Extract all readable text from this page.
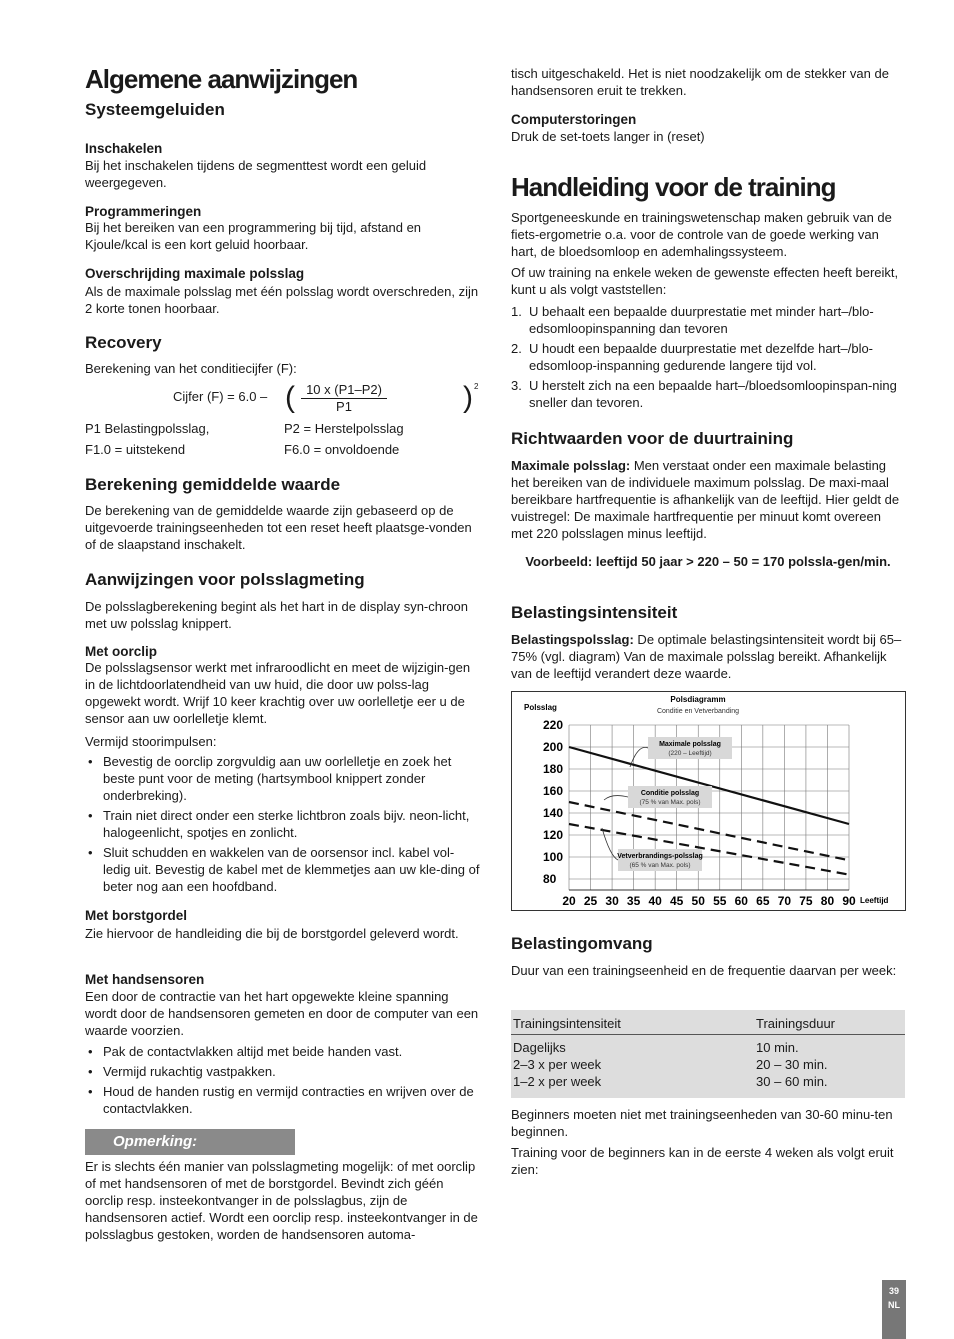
Algemene aanwijzingen
Systeemgeluiden
Inschakelen

Bij het inschakelen tijdens de segmenttest wordt een geluid weergegeven.

Programmeringen

Bij het bereiken van een programmering bij tijd, afstand en Kjoule/kcal is een kort geluid hoorbaar.

Overschrijding maximale polsslag

Als de maximale polsslag met één polsslag wordt overschreden, zijn 2 korte tonen hoorbaar.

Recovery

Berekening van het conditiecijfer (F):

Cijfer (F) = 6.0 – ( $\frac{10 x (P1-P2)}{P1}$	) 2

P1 Belastingpolsslag,	P2 = Herstelpolsslag

F1.0 = uitstekend	F6.0 = onvoldoende

Berekening gemiddelde waarde

De berekening van de gemiddelde waarde zijn gebaseerd op de uitgevoerde trainingseenheden tot een reset heeft plaatsge-vonden of de slaapstand inschakelt.

Aanwijzingen voor polsslagmeting

De polsslagberekening begint als het hart in de display syn-chroon met uw polsslag knippert.

Met oorclip

De polsslagsensor werkt met infraroodlicht en meet de wijzigin-gen in de lichtdoorlatendheid van uw huid, die door uw polss-lag opgewekt wordt. Wrijf 10 keer krachtig over uw oorlelletje eer u de sensor aan uw oorlelletje klemt.

Vermijd stoorimpulsen:

• Bevestig de oorclip zorgvuldig aan uw oorlelletje en zoek het beste punt voor de meting (hartsymbool knippert zonder onderbreking).
• Train niet direct onder een sterke lichtbron zoals bijv. neon-licht, halogeenlicht, spotjes en zonlicht.
• Sluit schudden en wakkelen van de oorsensor incl. kabel vol-ledig uit. Bevestig de kabel met de klemmetjes aan uw kle-ding of beter nog aan een hoofdband.
Met borstgordel

Zie hiervoor de handleiding die bij de borstgordel geleverd wordt.

Met handsensoren

Een door de contractie van het hart opgewekte kleine spanning wordt door de handsensoren gemeten en door de computer van een waarde voorzien.

• Pak de contactvlakken altijd met beide handen vast.
• Vermijd rukachtig vastpakken.
• Houd de handen rustig en vermijd contracties en wrijven over de contactvlakken.
Opmerking:

Er is slechts één manier van polsslagmeting mogelijk: of met oorclip of met handsensoren of met de borstgordel. Bevindt zich géén oorclip resp. insteekontvanger in de polsslagbus, zijn de handsensoren actief. Wordt een oorclip resp. insteekontvanger in de polsslagbus gestoken, worden de handsensoren automa-

tisch uitgeschakeld. Het is niet noodzakelijk om de stekker van de handsensoren eruit te trekken.

Computerstoringen

Druk de set-toets langer in (reset)

Handleiding voor de training

Sportgeneeskunde en trainingswetenschap maken gebruik van de fiets-ergometrie o.a. voor de controle van de goede werking van hart, de bloedsomloop en ademhalingssysteem.

Of uw training na enkele weken de gewenste effecten heeft bereikt, kunt u als volgt vaststellen:

1. U behaalt een bepaalde duurprestatie met minder hart–/blo-edsomloopinspanning dan tevoren
2. U houdt een bepaalde duurprestatie met dezelfde hart–/blo-edsomloop-inspanning gedurende langere tijd vol.
3. U herstelt zich na een bepaalde hart–/bloedsomloopinspan-ning sneller dan tevoren.
Richtwaarden voor de duurtraining

Maximale polsslag: Men verstaat onder een maximale belasting het bereiken van de individuele maximum polsslag. De maxi-maal bereikbare hartfrequentie is afhankelijk van de leeftijd. Hier geldt de vuistregel: De maximale hartfrequentie per minuut komt overeen met 220 polsslagen minus leeftijd.

Voorbeeld: leeftijd 50 jaar > 220 – 50 = 170 polssla-gen/min.

Belastingsintensiteit

Belastingspolsslag: De optimale belastingsintensiteit wordt bij 65–75% (vgl. diagram) Van de maximale polsslag bereikt. Afhankelijk van de leeftijd verandert deze waarde.

20 25 30 35 40 45 50 55 60 65 70 75 80 90
220
200
180
160
140
120
100
80
Maximale polsslag
(220 – Leeftijd)
Conditie polsslag
(75 % van Max. pols)
Vetverbrandings-polsslag
(65 % van Max. pols)
Polsslag
Polsdiagramm
Conditie en Vetverbanding
Leeftijd
Belastingomvang

Duur van een trainingseenheid en de frequentie daarvan per week:

Trainingsintensiteit	Trainingsduur
Dagelijks	10 min.
2–3 x per week	20 – 30 min.
1–2 x per week	30 – 60 min.

Beginners moeten niet met trainingseenheden van 30-60 minu-ten beginnen.

Training voor de beginners kan in de eerste 4 weken als volgt eruit zien:

39
NL
